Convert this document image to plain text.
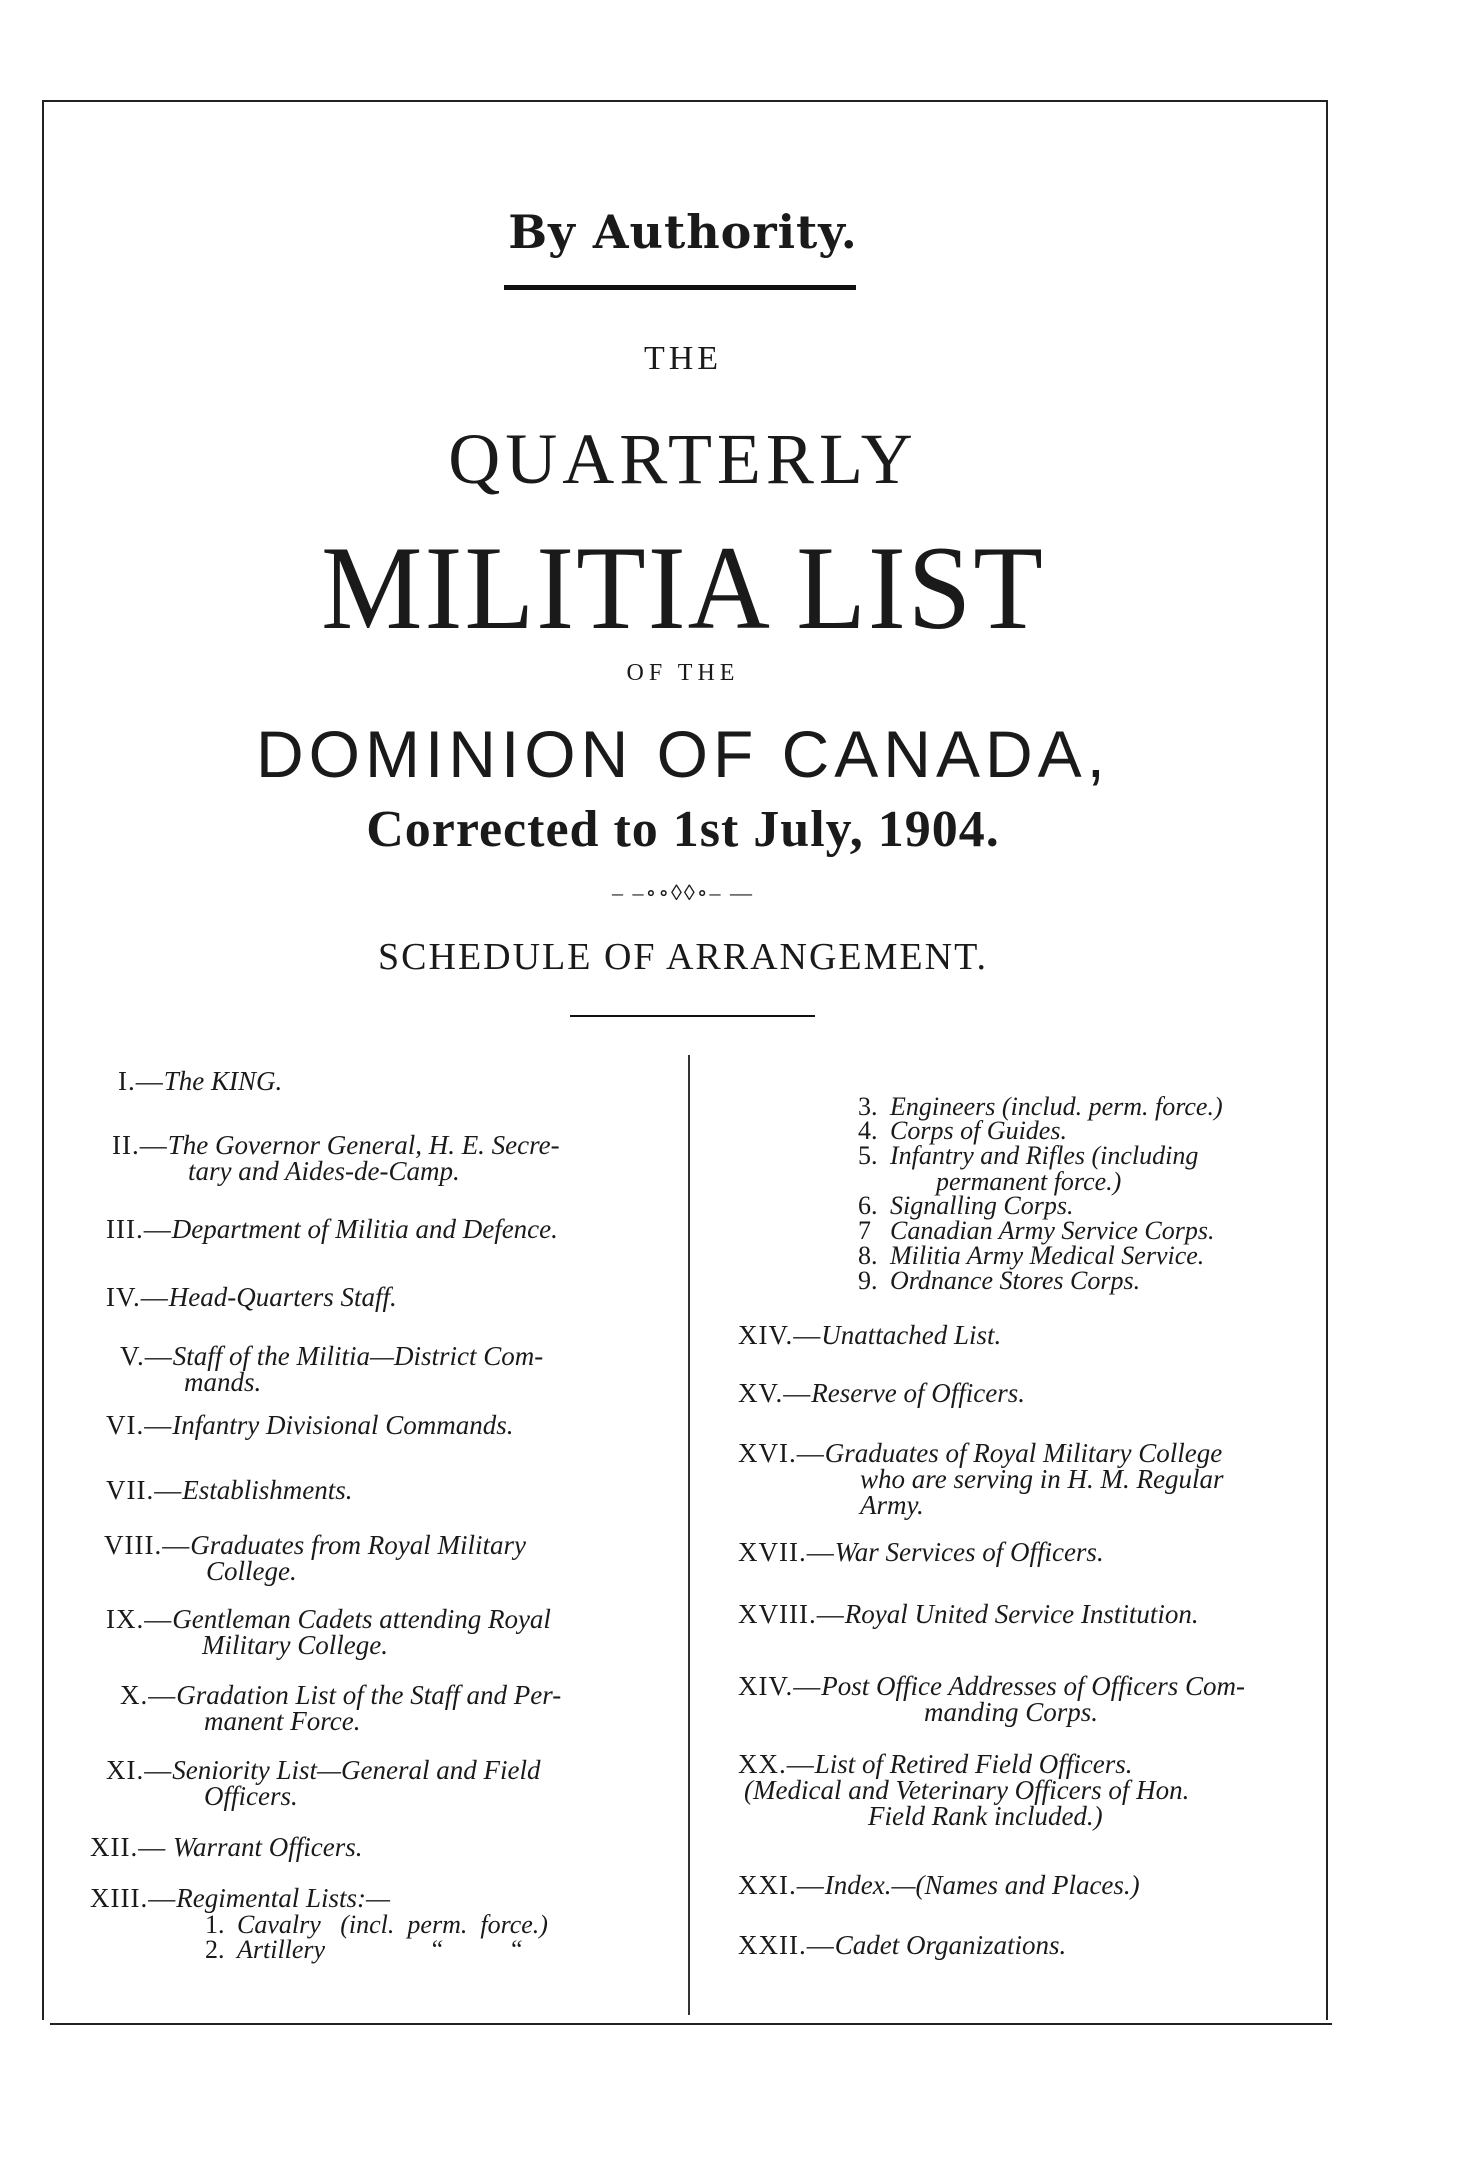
By Authority.
THE
QUARTERLY
MILITIA LIST
OF THE
DOMINION OF CANADA,
Corrected to 1st July, 1904.
– –∘∘◊◊∘– —
SCHEDULE OF ARRANGEMENT.
I.—The KING.
II.—The Governor General, H. E. Secre-
tary and Aides-de-Camp.
III.—Department of Militia and Defence.
IV.—Head-Quarters Staff.
V.—Staff of the Militia—District Com-
mands.
VI.—Infantry Divisional Commands.
VII.—Establishments.
VIII.—Graduates from Royal Military
College.
IX.—Gentleman Cadets attending Royal
Military College.
X.—Gradation List of the Staff and Per-
manent Force.
XI.—Seniority List—General and Field
Officers.
XII.— Warrant Officers.
XIII.—Regimental Lists:—
1. Cavalry   (incl.  perm.  force.)
2. Artillery                “          “
3. Engineers (includ. perm. force.)
4. Corps of Guides.
5. Infantry and Rifles (including
permanent force.)
6. Signalling Corps.
7 Canadian Army Service Corps.
8. Militia Army Medical Service.
9. Ordnance Stores Corps.
XIV.—Unattached List.
XV.—Reserve of Officers.
XVI.—Graduates of Royal Military College
who are serving in H. M. Regular
Army.
XVII.—War Services of Officers.
XVIII.—Royal United Service Institution.
XIV.—Post Office Addresses of Officers Com-
manding Corps.
XX.—List of Retired Field Officers.
(Medical and Veterinary Officers of Hon.
Field Rank included.)
XXI.—Index.—(Names and Places.)
XXII.—Cadet Organizations.
